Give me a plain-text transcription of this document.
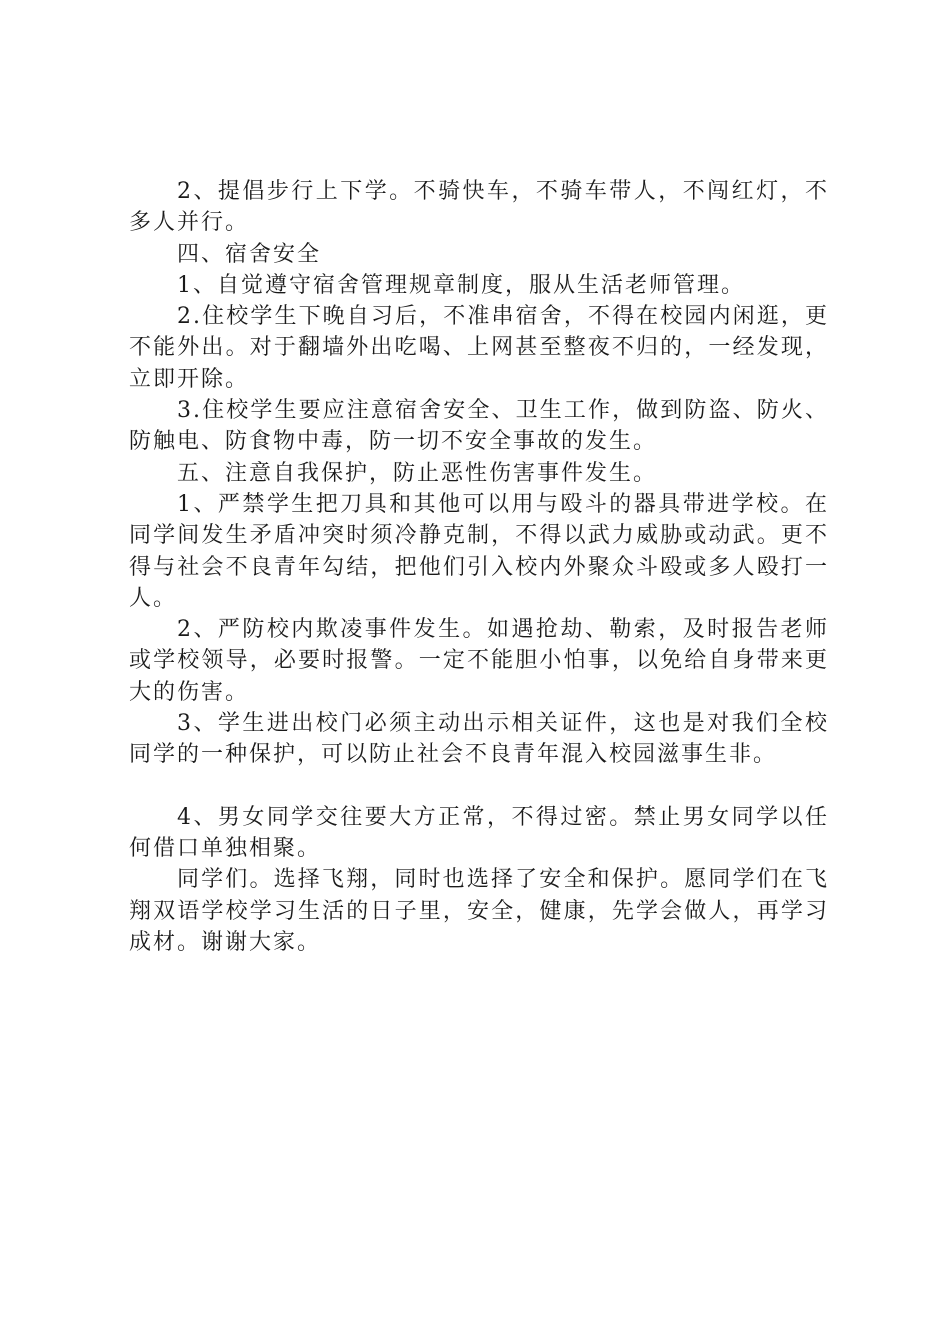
2、提倡步行上下学。不骑快车，不骑车带人，不闯红灯，不多人并行。

四、宿舍安全

1、自觉遵守宿舍管理规章制度，服从生活老师管理。

2.住校学生下晚自习后，不准串宿舍，不得在校园内闲逛，更不能外出。对于翻墙外出吃喝、上网甚至整夜不归的，一经发现，立即开除。

3.住校学生要应注意宿舍安全、卫生工作，做到防盗、防火、防触电、防食物中毒，防一切不安全事故的发生。

五、注意自我保护，防止恶性伤害事件发生。

1、严禁学生把刀具和其他可以用与殴斗的器具带进学校。在同学间发生矛盾冲突时须冷静克制，不得以武力威胁或动武。更不得与社会不良青年勾结，把他们引入校内外聚众斗殴或多人殴打一人。

2、严防校内欺凌事件发生。如遇抢劫、勒索，及时报告老师或学校领导，必要时报警。一定不能胆小怕事，以免给自身带来更大的伤害。

3、学生进出校门必须主动出示相关证件，这也是对我们全校同学的一种保护，可以防止社会不良青年混入校园滋事生非。

4、男女同学交往要大方正常，不得过密。禁止男女同学以任何借口单独相聚。

同学们。选择飞翔，同时也选择了安全和保护。愿同学们在飞翔双语学校学习生活的日子里，安全，健康，先学会做人，再学习成材。谢谢大家。
